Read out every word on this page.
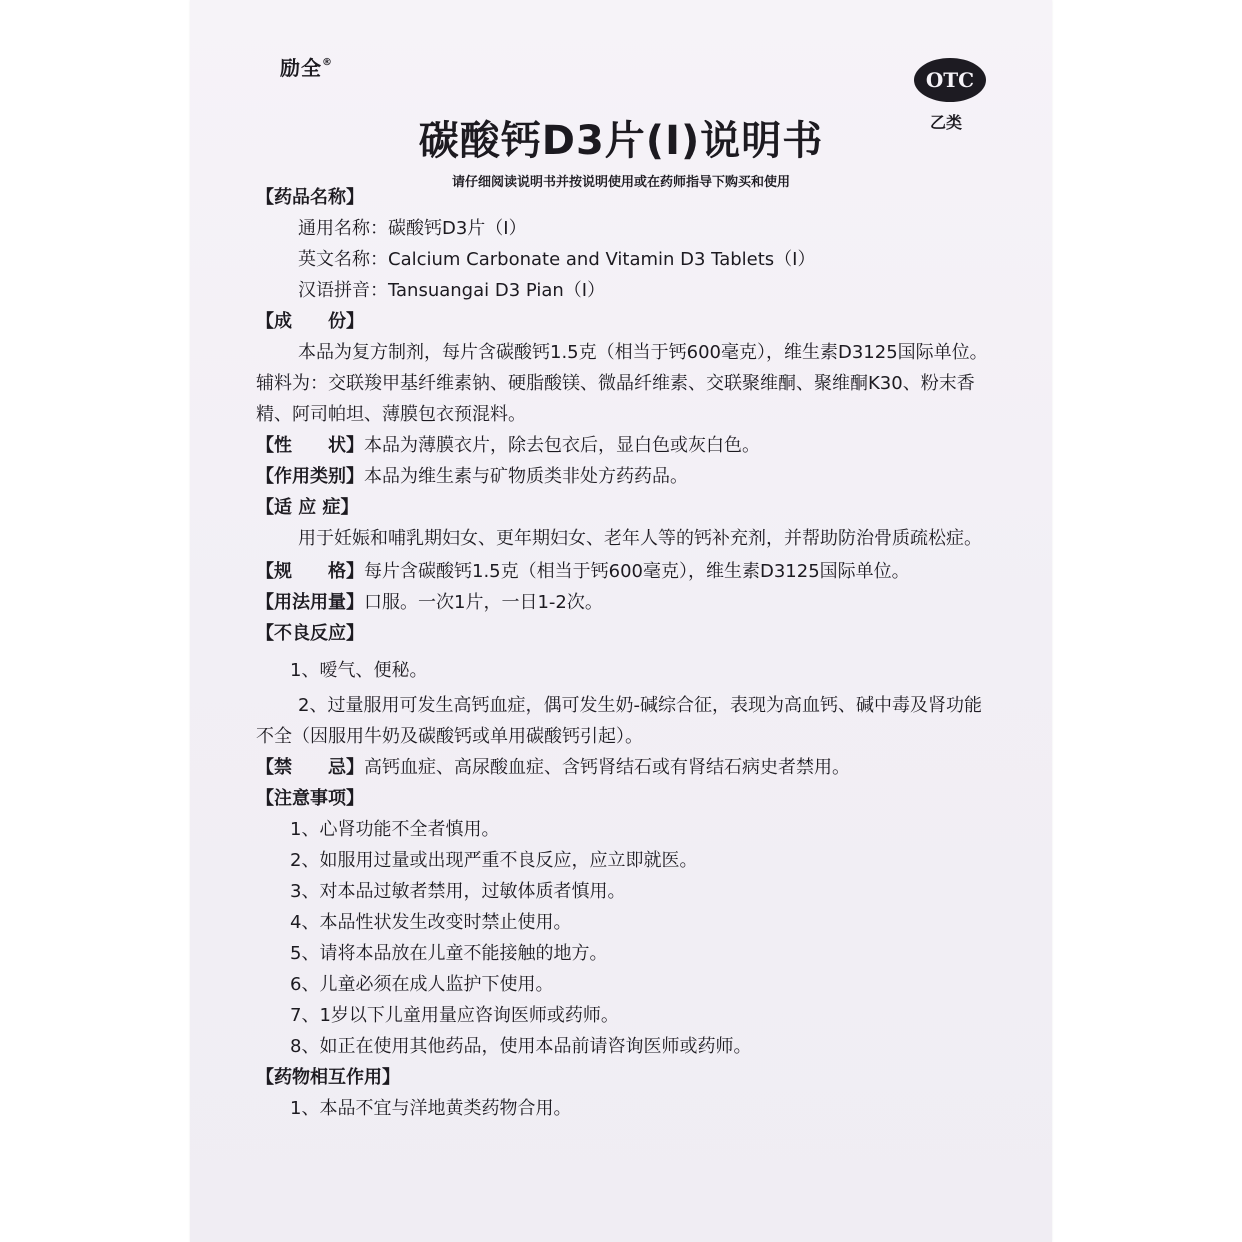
励全®
OTC
乙类
碳酸钙D3片(I)说明书
请仔细阅读说明书并按说明使用或在药师指导下购买和使用
【药品名称】
通用名称：碳酸钙D3片（I）
英文名称：Calcium Carbonate and Vitamin D3 Tablets（I）
汉语拼音：Tansuangai D3 Pian（I）
【成　　份】
本品为复方制剂，每片含碳酸钙1.5克（相当于钙600毫克），维生素D3125国际单位。辅料为：交联羧甲基纤维素钠、硬脂酸镁、微晶纤维素、交联聚维酮、聚维酮K30、粉末香精、阿司帕坦、薄膜包衣预混料。
【性　　状】本品为薄膜衣片，除去包衣后，显白色或灰白色。
【作用类别】本品为维生素与矿物质类非处方药药品。
【适 应 症】
用于妊娠和哺乳期妇女、更年期妇女、老年人等的钙补充剂，并帮助防治骨质疏松症。
【规　　格】每片含碳酸钙1.5克（相当于钙600毫克），维生素D3125国际单位。
【用法用量】口服。一次1片，一日1-2次。
【不良反应】
1、嗳气、便秘。
2、过量服用可发生高钙血症，偶可发生奶-碱综合征，表现为高血钙、碱中毒及肾功能不全（因服用牛奶及碳酸钙或单用碳酸钙引起）。
【禁　　忌】高钙血症、高尿酸血症、含钙肾结石或有肾结石病史者禁用。
【注意事项】
1、心肾功能不全者慎用。
2、如服用过量或出现严重不良反应，应立即就医。
3、对本品过敏者禁用，过敏体质者慎用。
4、本品性状发生改变时禁止使用。
5、请将本品放在儿童不能接触的地方。
6、儿童必须在成人监护下使用。
7、1岁以下儿童用量应咨询医师或药师。
8、如正在使用其他药品，使用本品前请咨询医师或药师。
【药物相互作用】
1、本品不宜与洋地黄类药物合用。
